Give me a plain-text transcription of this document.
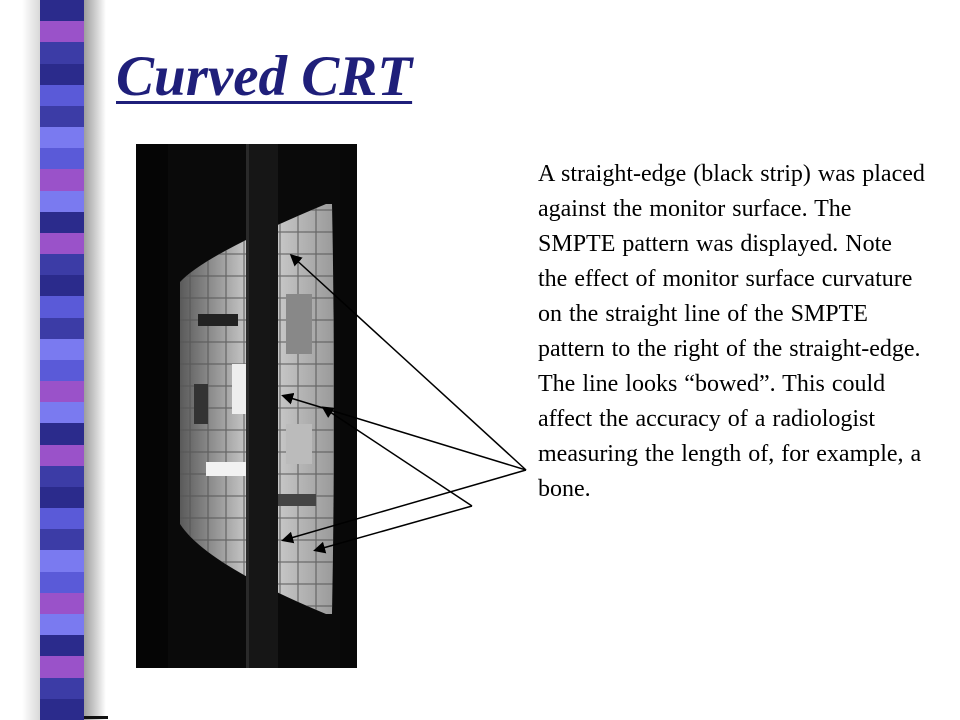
Curved CRT

A straight-edge (black strip) was placed against the monitor surface. The SMPTE pattern was displayed. Note the effect of monitor surface curvature on the straight line of the SMPTE pattern to the right of the straight-edge. The line looks “bowed”. This could affect the accuracy of a radiologist measuring the length of, for example, a bone.
